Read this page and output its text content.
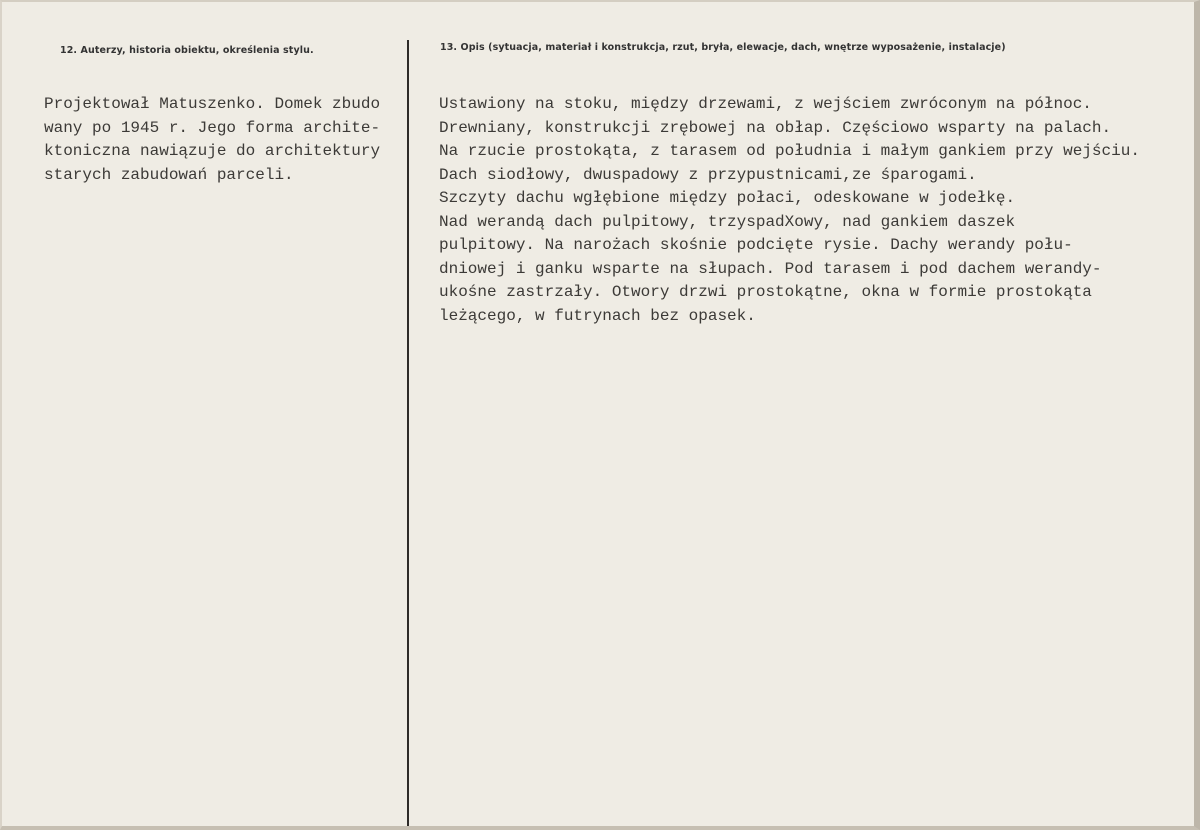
12. Auterzy, historia obiektu, określenia stylu.	13. Opis (sytuacja, materiał i konstrukcja, rzut, bryła, elewacje, dach, wnętrze wyposażenie, instalacje)
Projektował Matuszenko. Domek zbudo
wany po 1945 r. Jego forma archite-
ktoniczna nawiązuje do architektury
starych zabudowań parceli.
Ustawiony na stoku, między drzewami, z wejściem zwróconym na północ.
Drewniany, konstrukcji zrębowej na obłap. Częściowo wsparty na palach.
Na rzucie prostokąta, z tarasem od południa i małym gankiem przy wejściu.
Dach siodłowy, dwuspadowy z przypustnicami,ze śparogami.
Szczyty dachu wgłębione między połaci, odeskowane w jodełkę.
Nad werandą dach pulpitowy, trzyspadXowy, nad gankiem daszek
pulpitowy. Na narożach skośnie podcięte rysie. Dachy werandy połu-
dniowej i ganku wsparte na słupach. Pod tarasem i pod dachem werandy-
ukośne zastrzały. Otwory drzwi prostokątne, okna w formie prostokąta
leżącego, w futrynach bez opasek.
